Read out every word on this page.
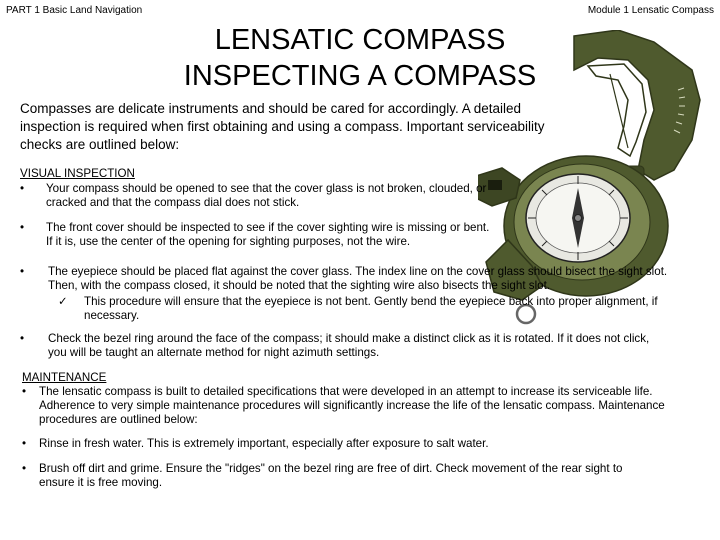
PART 1 Basic Land Navigation	Module 1 Lensatic Compass
LENSATIC COMPASS
INSPECTING A COMPASS

Compasses are delicate instruments and should be cared for accordingly. A detailed
inspection is required when first obtaining and using a compass. Important serviceability
checks are outlined below:

VISUAL INSPECTION
• Your compass should be opened to see that the cover glass is not broken, clouded, or
cracked and that the compass dial does not stick.
• The front cover should be inspected to see if the cover sighting wire is missing or bent.
If it is, use the center of the opening for sighting purposes, not the wire.
• The eyepiece should be placed flat against the cover glass. The index line on the cover glass should bisect the sight slot.
Then, with the compass closed, it should be noted that the sighting wire also bisects the sight slot.
✓ This procedure will ensure that the eyepiece is not bent. Gently bend the eyepiece back into proper alignment, if
necessary.
• Check the bezel ring around the face of the compass; it should make a distinct click as it is rotated. If it does not click,
you will be taught an alternate method for night azimuth settings.
MAINTENANCE
• The lensatic compass is built to detailed specifications that were developed in an attempt to increase its serviceable life.
Adherence to very simple maintenance procedures will significantly increase the life of the lensatic compass. Maintenance
procedures are outlined below:
• Rinse in fresh water. This is extremely important, especially after exposure to salt water.
• Brush off dirt and grime. Ensure the "ridges" on the bezel ring are free of dirt. Check movement of the rear sight to
ensure it is free moving.
